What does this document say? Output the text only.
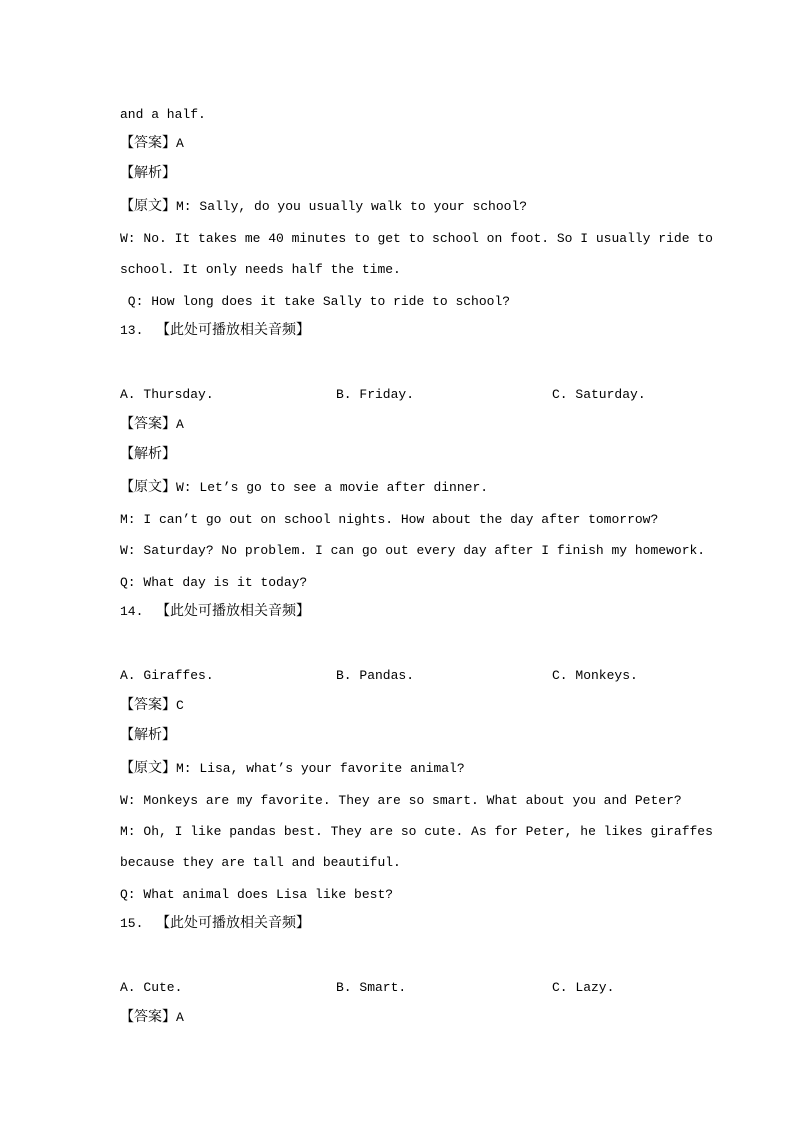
and a half.
【答案】A
【解析】
【原文】M: Sally, do you usually walk to your school?
W: No. It takes me 40 minutes to get to school on foot. So I usually ride to
school. It only needs half the time.
Q: How long does it take Sally to ride to school?
13. 【此处可播放相关音频】
A. Thursday.	B. Friday.	C. Saturday.
【答案】A
【解析】
【原文】W: Let’s go to see a movie after dinner.
M: I can’t go out on school nights. How about the day after tomorrow?
W: Saturday? No problem. I can go out every day after I finish my homework.
Q: What day is it today?
14. 【此处可播放相关音频】
A. Giraffes.	B. Pandas.	C. Monkeys.
【答案】C
【解析】
【原文】M: Lisa, what’s your favorite animal?
W: Monkeys are my favorite. They are so smart. What about you and Peter?
M: Oh, I like pandas best. They are so cute. As for Peter, he likes giraffes
because they are tall and beautiful.
Q: What animal does Lisa like best?
15. 【此处可播放相关音频】
A. Cute.	B. Smart.	C. Lazy.
【答案】A
